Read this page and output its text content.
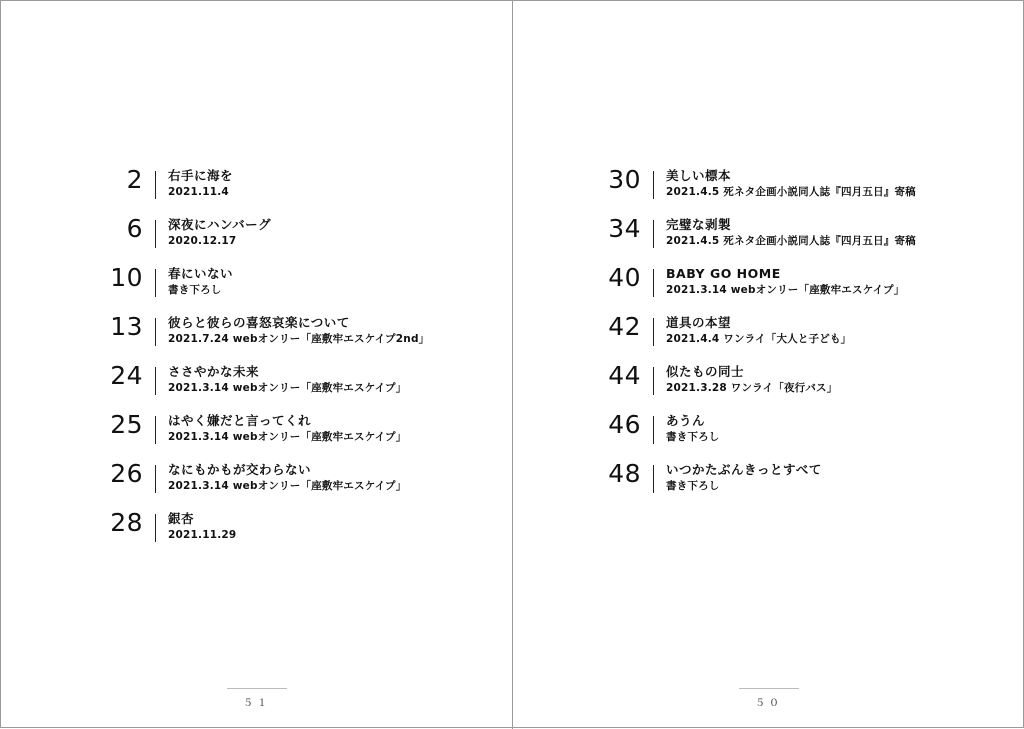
2 右手に海を
2021.11.4
6 深夜にハンバーグ
2020.12.17
10 春にいない
書き下ろし
13 彼らと彼らの喜怒哀楽について
2021.7.24 webオンリー「座敷牢エスケイプ2nd」
24 ささやかな未来
2021.3.14 webオンリー「座敷牢エスケイプ」
25 はやく嫌だと言ってくれ
2021.3.14 webオンリー「座敷牢エスケイプ」
26 なにもかもが交わらない
2021.3.14 webオンリー「座敷牢エスケイプ」
28 銀杏
2021.11.29
５１
30 美しい標本
2021.4.5 死ネタ企画小説同人誌『四月五日』寄稿
34 完璧な剥製
2021.4.5 死ネタ企画小説同人誌『四月五日』寄稿
40 BABY GO HOME
2021.3.14 webオンリー「座敷牢エスケイプ」
42 道具の本望
2021.4.4 ワンライ「大人と子ども」
44 似たもの同士
2021.3.28 ワンライ「夜行バス」
46 あうん
書き下ろし
48 いつかたぶんきっとすべて
書き下ろし
５０
